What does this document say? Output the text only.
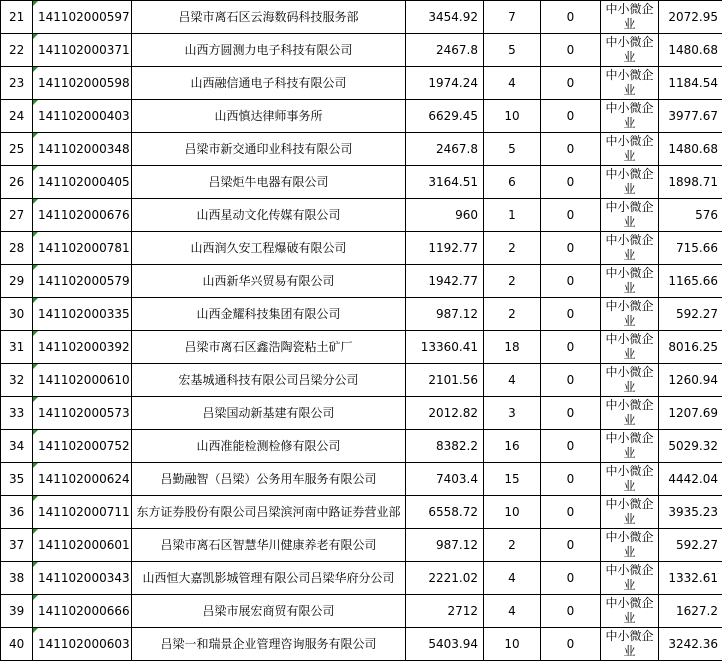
21	141102000597	吕梁市离石区云海数码科技服务部	3454.92	7	0	中小微企业	2072.95
22	141102000371	山西方圆测力电子科技有限公司	2467.8	5	0	中小微企业	1480.68
23	141102000598	山西融信通电子科技有限公司	1974.24	4	0	中小微企业	1184.54
24	141102000403	山西慎达律师事务所	6629.45	10	0	中小微企业	3977.67
25	141102000348	吕梁市新交通印业科技有限公司	2467.8	5	0	中小微企业	1480.68
26	141102000405	吕梁炬牛电器有限公司	3164.51	6	0	中小微企业	1898.71
27	141102000676	山西星动文化传媒有限公司	960	1	0	中小微企业	576
28	141102000781	山西润久安工程爆破有限公司	1192.77	2	0	中小微企业	715.66
29	141102000579	山西新华兴贸易有限公司	1942.77	2	0	中小微企业	1165.66
30	141102000335	山西金耀科技集团有限公司	987.12	2	0	中小微企业	592.27
31	141102000392	吕梁市离石区鑫浩陶瓷粘土矿厂	13360.41	18	0	中小微企业	8016.25
32	141102000610	宏基城通科技有限公司吕梁分公司	2101.56	4	0	中小微企业	1260.94
33	141102000573	吕梁国动新基建有限公司	2012.82	3	0	中小微企业	1207.69
34	141102000752	山西准能检测检修有限公司	8382.2	16	0	中小微企业	5029.32
35	141102000624	吕勤融智（吕梁）公务用车服务有限公司	7403.4	15	0	中小微企业	4442.04
36	141102000711	东方证券股份有限公司吕梁滨河南中路证券营业部	6558.72	10	0	中小微企业	3935.23
37	141102000601	吕梁市离石区智慧华川健康养老有限公司	987.12	2	0	中小微企业	592.27
38	141102000343	山西恒大嘉凯影城管理有限公司吕梁华府分公司	2221.02	4	0	中小微企业	1332.61
39	141102000666	吕梁市展宏商贸有限公司	2712	4	0	中小微企业	1627.2
40	141102000603	吕梁一和瑞景企业管理咨询服务有限公司	5403.94	10	0	中小微企业	3242.36
